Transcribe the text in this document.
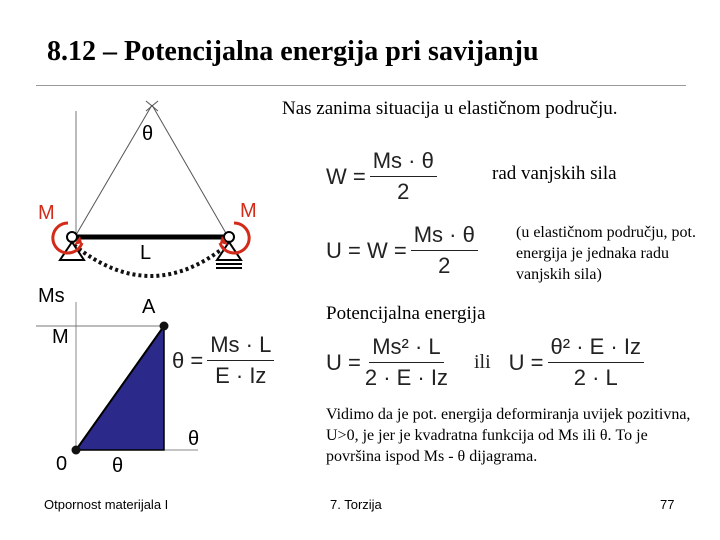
8.12 – Potencijalna energija pri savijanju
θ
M	M
L
Ms
M
A
θ
θ
0
$\theta = \frac{Ms \cdot L}{E \cdot Iz}$
Nas zanima situacija u elastičnom području.
$W = \frac{Ms \cdot \theta}{2}$	rad vanjskih sila
$U = W = \frac{Ms \cdot \theta}{2} (u$ elastičnom području, pot. energija je jednaka radu vanjskih sila)
Potencijalna energija
$U = \frac{\text{Ms² · L}}{2 \cdot E \cdot Iz}$ ili $U = \frac{\text{θ² · E · Iz}}{2 \cdot L}$
Vidimo da je pot. energija deformiranja uvijek pozitivna, U>0, je jer je kvadratna funkcija od Ms ili θ. To je površina ispod Ms - θ dijagrama.
Otpornost materijala I	7. Torzija	77
